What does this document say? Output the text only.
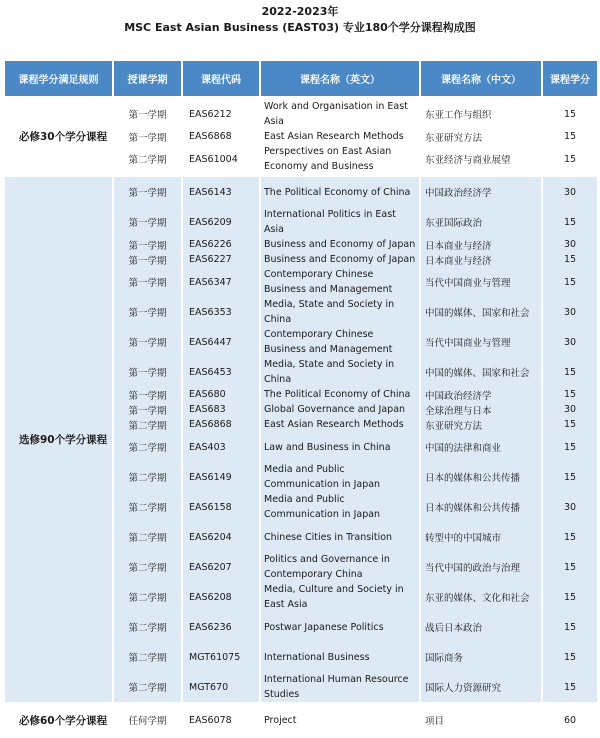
2022-2023年
MSC East Asian Business (EAST03) 专业180个学分课程构成图
课程学分满足规则	授课学期	课程代码	课程名称（英文）	课程名称（中文）	课程学分

必修30个学分课程	第一学期	EAS6212	Work and Organisation in East Asia	东亚工作与组织	15
	第一学期	EAS6868	East Asian Research Methods	东亚研究方法	15
	第二学期	EAS61004	Perspectives on East Asian Economy and Business	东亚经济与商业展望	15

选修90个学分课程	第一学期	EAS6143	The Political Economy of China	中国政治经济学	30
	第一学期	EAS6209	International Politics in East Asia	东亚国际政治	15
	第一学期	EAS6226	Business and Economy of Japan	日本商业与经济	30
	第一学期	EAS6227	Business and Economy of Japan	日本商业与经济	15
	第一学期	EAS6347	Contemporary Chinese Business and Management	当代中国商业与管理	15
	第一学期	EAS6353	Media, State and Society in China	中国的媒体、国家和社会	30
	第一学期	EAS6447	Contemporary Chinese Business and Management	当代中国商业与管理	30
	第一学期	EAS6453	Media, State and Society in China	中国的媒体、国家和社会	15
	第一学期	EAS680	The Political Economy of China	中国政治经济学	15
	第一学期	EAS683	Global Governance and Japan	全球治理与日本	30
	第二学期	EAS6868	East Asian Research Methods	东亚研究方法	15
	第二学期	EAS403	Law and Business in China	中国的法律和商业	15
	第二学期	EAS6149	Media and Public Communication in Japan	日本的媒体和公共传播	15
	第二学期	EAS6158	Media and Public Communication in Japan	日本的媒体和公共传播	30
	第二学期	EAS6204	Chinese Cities in Transition	转型中的中国城市	15
	第二学期	EAS6207	Politics and Governance in Contemporary China	当代中国的政治与治理	15
	第二学期	EAS6208	Media, Culture and Society in East Asia	东亚的媒体、文化和社会	15
	第二学期	EAS6236	Postwar Japanese Politics	战后日本政治	15
	第二学期	MGT61075	International Business	国际商务	15
	第二学期	MGT670	International Human Resource Studies	国际人力资源研究	15
必修60个学分课程	任何学期	EAS6078	Project	项目	60
